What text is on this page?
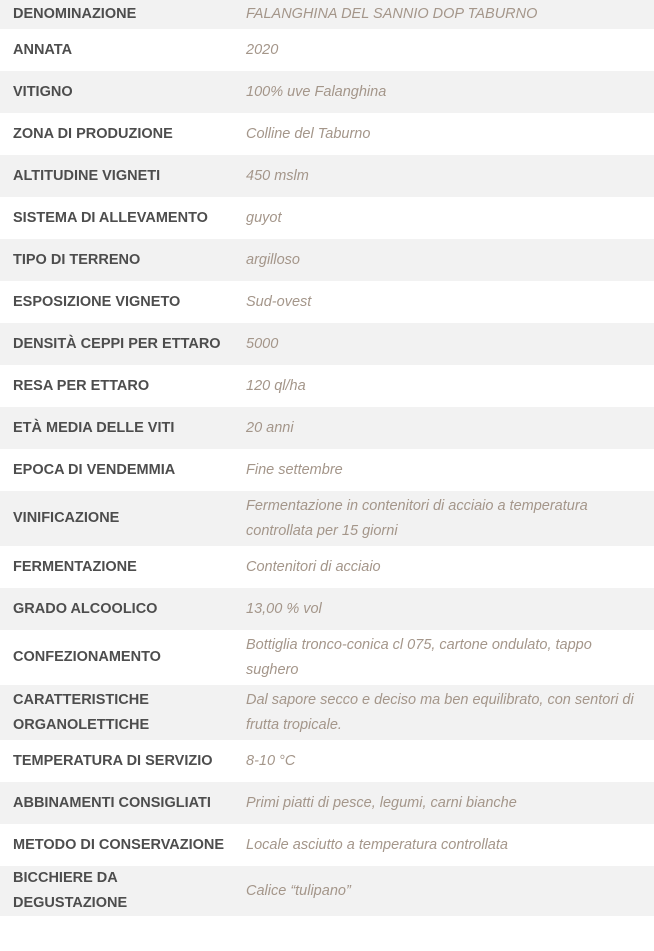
DENOMINAZIONE	FALANGHINA DEL SANNIO DOP TABURNO
ANNATA	2020
VITIGNO	100% uve Falanghina
ZONA DI PRODUZIONE	Colline del Taburno
ALTITUDINE VIGNETI	450 mslm
SISTEMA DI ALLEVAMENTO	guyot
TIPO DI TERRENO	argilloso
ESPOSIZIONE VIGNETO	Sud-ovest
DENSITÀ CEPPI PER ETTARO	5000
RESA PER ETTARO	120 ql/ha
ETÀ MEDIA DELLE VITI	20 anni
EPOCA DI VENDEMMIA	Fine settembre
VINIFICAZIONE	Fermentazione in contenitori di acciaio a temperatura controllata per 15 giorni
FERMENTAZIONE	Contenitori di acciaio
GRADO ALCOOLICO	13,00 % vol
CONFEZIONAMENTO	Bottiglia tronco-conica cl 075, cartone ondulato, tappo sughero
CARATTERISTICHE ORGANOLETTICHE	Dal sapore secco e deciso ma ben equilibrato, con sentori di frutta tropicale.
TEMPERATURA DI SERVIZIO	8-10 °C
ABBINAMENTI CONSIGLIATI	Primi piatti di pesce, legumi, carni bianche
METODO DI CONSERVAZIONE	Locale asciutto a temperatura controllata
BICCHIERE DA DEGUSTAZIONE	Calice “tulipano”
